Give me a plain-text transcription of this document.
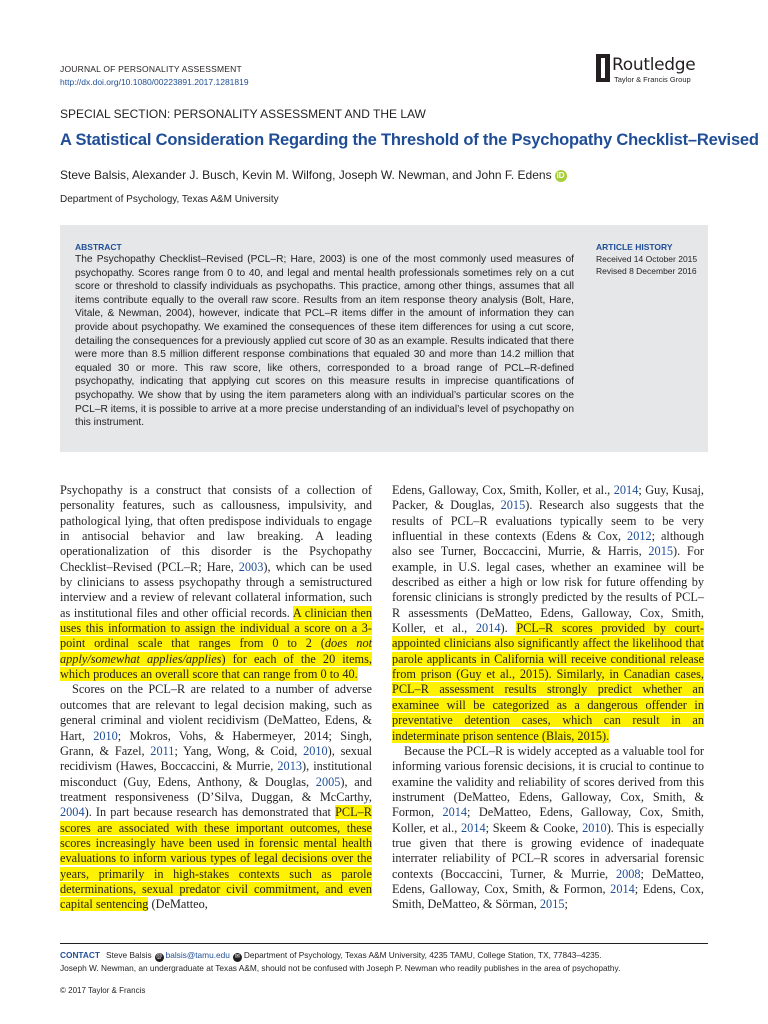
JOURNAL OF PERSONALITY ASSESSMENT
http://dx.doi.org/10.1080/00223891.2017.1281819
Routledge
Taylor & Francis Group
SPECIAL SECTION: PERSONALITY ASSESSMENT AND THE LAW
A Statistical Consideration Regarding the Threshold of the Psychopathy Checklist–Revised
Steve Balsis, Alexander J. Busch, Kevin M. Wilfong, Joseph W. Newman, and John F. Edens iD
Department of Psychology, Texas A&M University
ABSTRACT
The Psychopathy Checklist–Revised (PCL–R; Hare, 2003) is one of the most commonly used measures of psychopathy. Scores range from 0 to 40, and legal and mental health professionals sometimes rely on a cut score or threshold to classify individuals as psychopaths. This practice, among other things, assumes that all items contribute equally to the overall raw score. Results from an item response theory analysis (Bolt, Hare, Vitale, & Newman, 2004), however, indicate that PCL–R items differ in the amount of information they can provide about psychopathy. We examined the consequences of these item differences for using a cut score, detailing the consequences for a previously applied cut score of 30 as an example. Results indicated that there were more than 8.5 million different response combinations that equaled 30 and more than 14.2 million that equaled 30 or more. This raw score, like others, corresponded to a broad range of PCL–R-defined psychopathy, indicating that applying cut scores on this measure results in imprecise quantifications of psychopathy. We show that by using the item parameters along with an individual’s particular scores on the PCL–R items, it is possible to arrive at a more precise understanding of an individual’s level of psychopathy on this instrument.
ARTICLE HISTORY
Received 14 October 2015
Revised 8 December 2016

Psychopathy is a construct that consists of a collection of personality features, such as callousness, impulsivity, and pathological lying, that often predispose individuals to engage in antisocial behavior and law breaking. A leading operationalization of this disorder is the Psychopathy Checklist–Revised (PCL–R; Hare, 2003), which can be used by clinicians to assess psychopathy through a semistructured interview and a review of relevant collateral information, such as institutional files and other official records. A clinician then uses this information to assign the individual a score on a 3-point ordinal scale that ranges from 0 to 2 (does not apply/somewhat applies/applies) for each of the 20 items, which produces an overall score that can range from 0 to 40.

Scores on the PCL–R are related to a number of adverse outcomes that are relevant to legal decision making, such as general criminal and violent recidivism (DeMatteo, Edens, & Hart, 2010; Mokros, Vohs, & Habermeyer, 2014; Singh, Grann, & Fazel, 2011; Yang, Wong, & Coid, 2010), sexual recidivism (Hawes, Boccaccini, & Murrie, 2013), institutional misconduct (Guy, Edens, Anthony, & Douglas, 2005), and treatment responsiveness (D’Silva, Duggan, & McCarthy, 2004). In part because research has demonstrated that PCL–R scores are associated with these important outcomes, these scores increasingly have been used in forensic mental health evaluations to inform various types of legal decisions over the years, primarily in high-stakes contexts such as parole determinations, sexual predator civil commitment, and even capital sentencing (DeMatteo,

Edens, Galloway, Cox, Smith, Koller, et al., 2014; Guy, Kusaj, Packer, & Douglas, 2015). Research also suggests that the results of PCL–R evaluations typically seem to be very influential in these contexts (Edens & Cox, 2012; although also see Turner, Boccaccini, Murrie, & Harris, 2015). For example, in U.S. legal cases, whether an examinee will be described as either a high or low risk for future offending by forensic clinicians is strongly predicted by the results of PCL–R assessments (DeMatteo, Edens, Galloway, Cox, Smith, Koller, et al., 2014). PCL–R scores provided by court-appointed clinicians also significantly affect the likelihood that parole applicants in California will receive conditional release from prison (Guy et al., 2015). Similarly, in Canadian cases, PCL–R assessment results strongly predict whether an examinee will be categorized as a dangerous offender in preventative detention cases, which can result in an indeterminate prison sentence (Blais, 2015).

Because the PCL–R is widely accepted as a valuable tool for informing various forensic decisions, it is crucial to continue to examine the validity and reliability of scores derived from this instrument (DeMatteo, Edens, Galloway, Cox, Smith, & Formon, 2014; DeMatteo, Edens, Galloway, Cox, Smith, Koller, et al., 2014; Skeem & Cooke, 2010). This is especially true given that there is growing evidence of inadequate interrater reliability of PCL–R scores in adversarial forensic contexts (Boccaccini, Turner, & Murrie, 2008; DeMatteo, Edens, Galloway, Cox, Smith, & Formon, 2014; Edens, Cox, Smith, DeMatteo, & Sörman, 2015;

CONTACT Steve Balsis @ balsis@tamu.edu ✉ Department of Psychology, Texas A&M University, 4235 TAMU, College Station, TX, 77843–4235.
Joseph W. Newman, an undergraduate at Texas A&M, should not be confused with Joseph P. Newman who readily publishes in the area of psychopathy.
© 2017 Taylor & Francis
